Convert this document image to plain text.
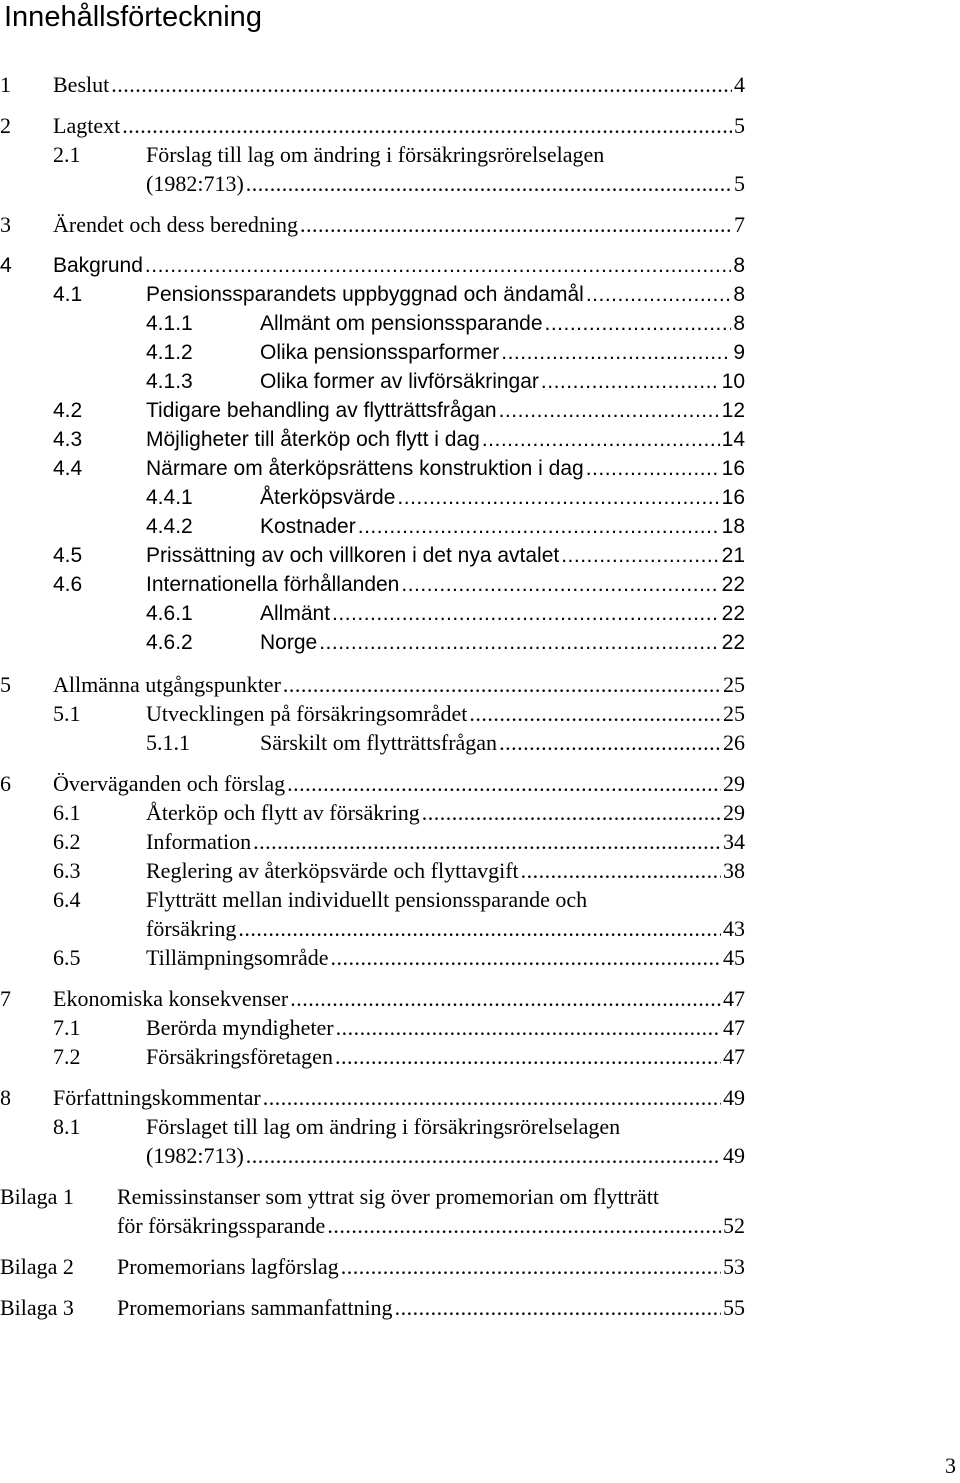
Innehållsförteckning
1 Beslut .....	4
2 Lagtext .....	5
2.1	Förslag till lag om ändring i försäkringsrörelselagen
(1982:713) .....	5
3 Ärendet och dess beredning .....	7
4 Bakgrund .....	8
4.1	Pensionssparandets uppbyggnad och ändamål .....	8
4.1.1	Allmänt om pensionssparande .....	8
4.1.2	Olika pensionssparformer .....	9
4.1.3	Olika former av livförsäkringar .....	10
4.2	Tidigare behandling av flytträttsfrågan .....	12
4.3	Möjligheter till återköp och flytt i dag .....	14
4.4	Närmare om återköpsrättens konstruktion i dag .....	16
4.4.1	Återköpsvärde .....	16
4.4.2	Kostnader .....	18
4.5	Prissättning av och villkoren i det nya avtalet .....	21
4.6	Internationella förhållanden .....	22
4.6.1	Allmänt .....	22
4.6.2	Norge .....	22
5 Allmänna utgångspunkter .....	25
5.1	Utvecklingen på försäkringsområdet .....	25
5.1.1	Särskilt om flytträttsfrågan .....	26
6 Överväganden och förslag .....	29
6.1	Återköp och flytt av försäkring .....	29
6.2	Information .....	34
6.3	Reglering av återköpsvärde och flyttavgift .....	38
6.4	Flytträtt mellan individuellt pensionssparande och
försäkring .....	43
6.5	Tillämpningsområde .....	45
7 Ekonomiska konsekvenser .....	47
7.1	Berörda myndigheter .....	47
7.2	Försäkringsföretagen .....	47
8 Författningskommentar .....	49
8.1	Förslaget till lag om ändring i försäkringsrörelselagen
(1982:713) .....	49
Bilaga 1 Remissinstanser som yttrat sig över promemorian om flytträtt
för försäkringssparande .....	52
Bilaga 2 Promemorians lagförslag .....	53
Bilaga 3 Promemorians sammanfattning .....	55
3
